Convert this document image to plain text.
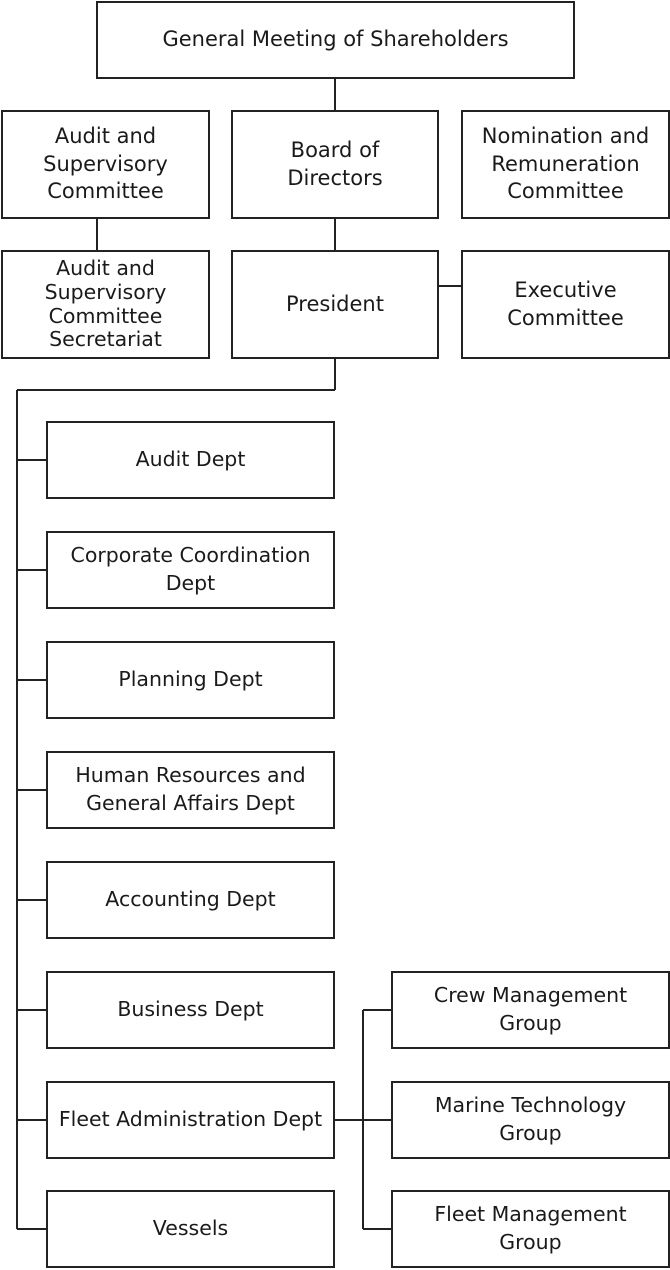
General Meeting of Shareholders
Audit and Supervisory Committee
Board of Directors
Nomination and Remuneration Committee
Audit and Supervisory Committee Secretariat
President
Executive Committee
Audit Dept
Corporate Coordination Dept
Planning Dept
Human Resources and General Affairs Dept
Accounting Dept
Business Dept
Fleet Administration Dept
Vessels
Crew Management Group
Marine Technology Group
Fleet Management Group
